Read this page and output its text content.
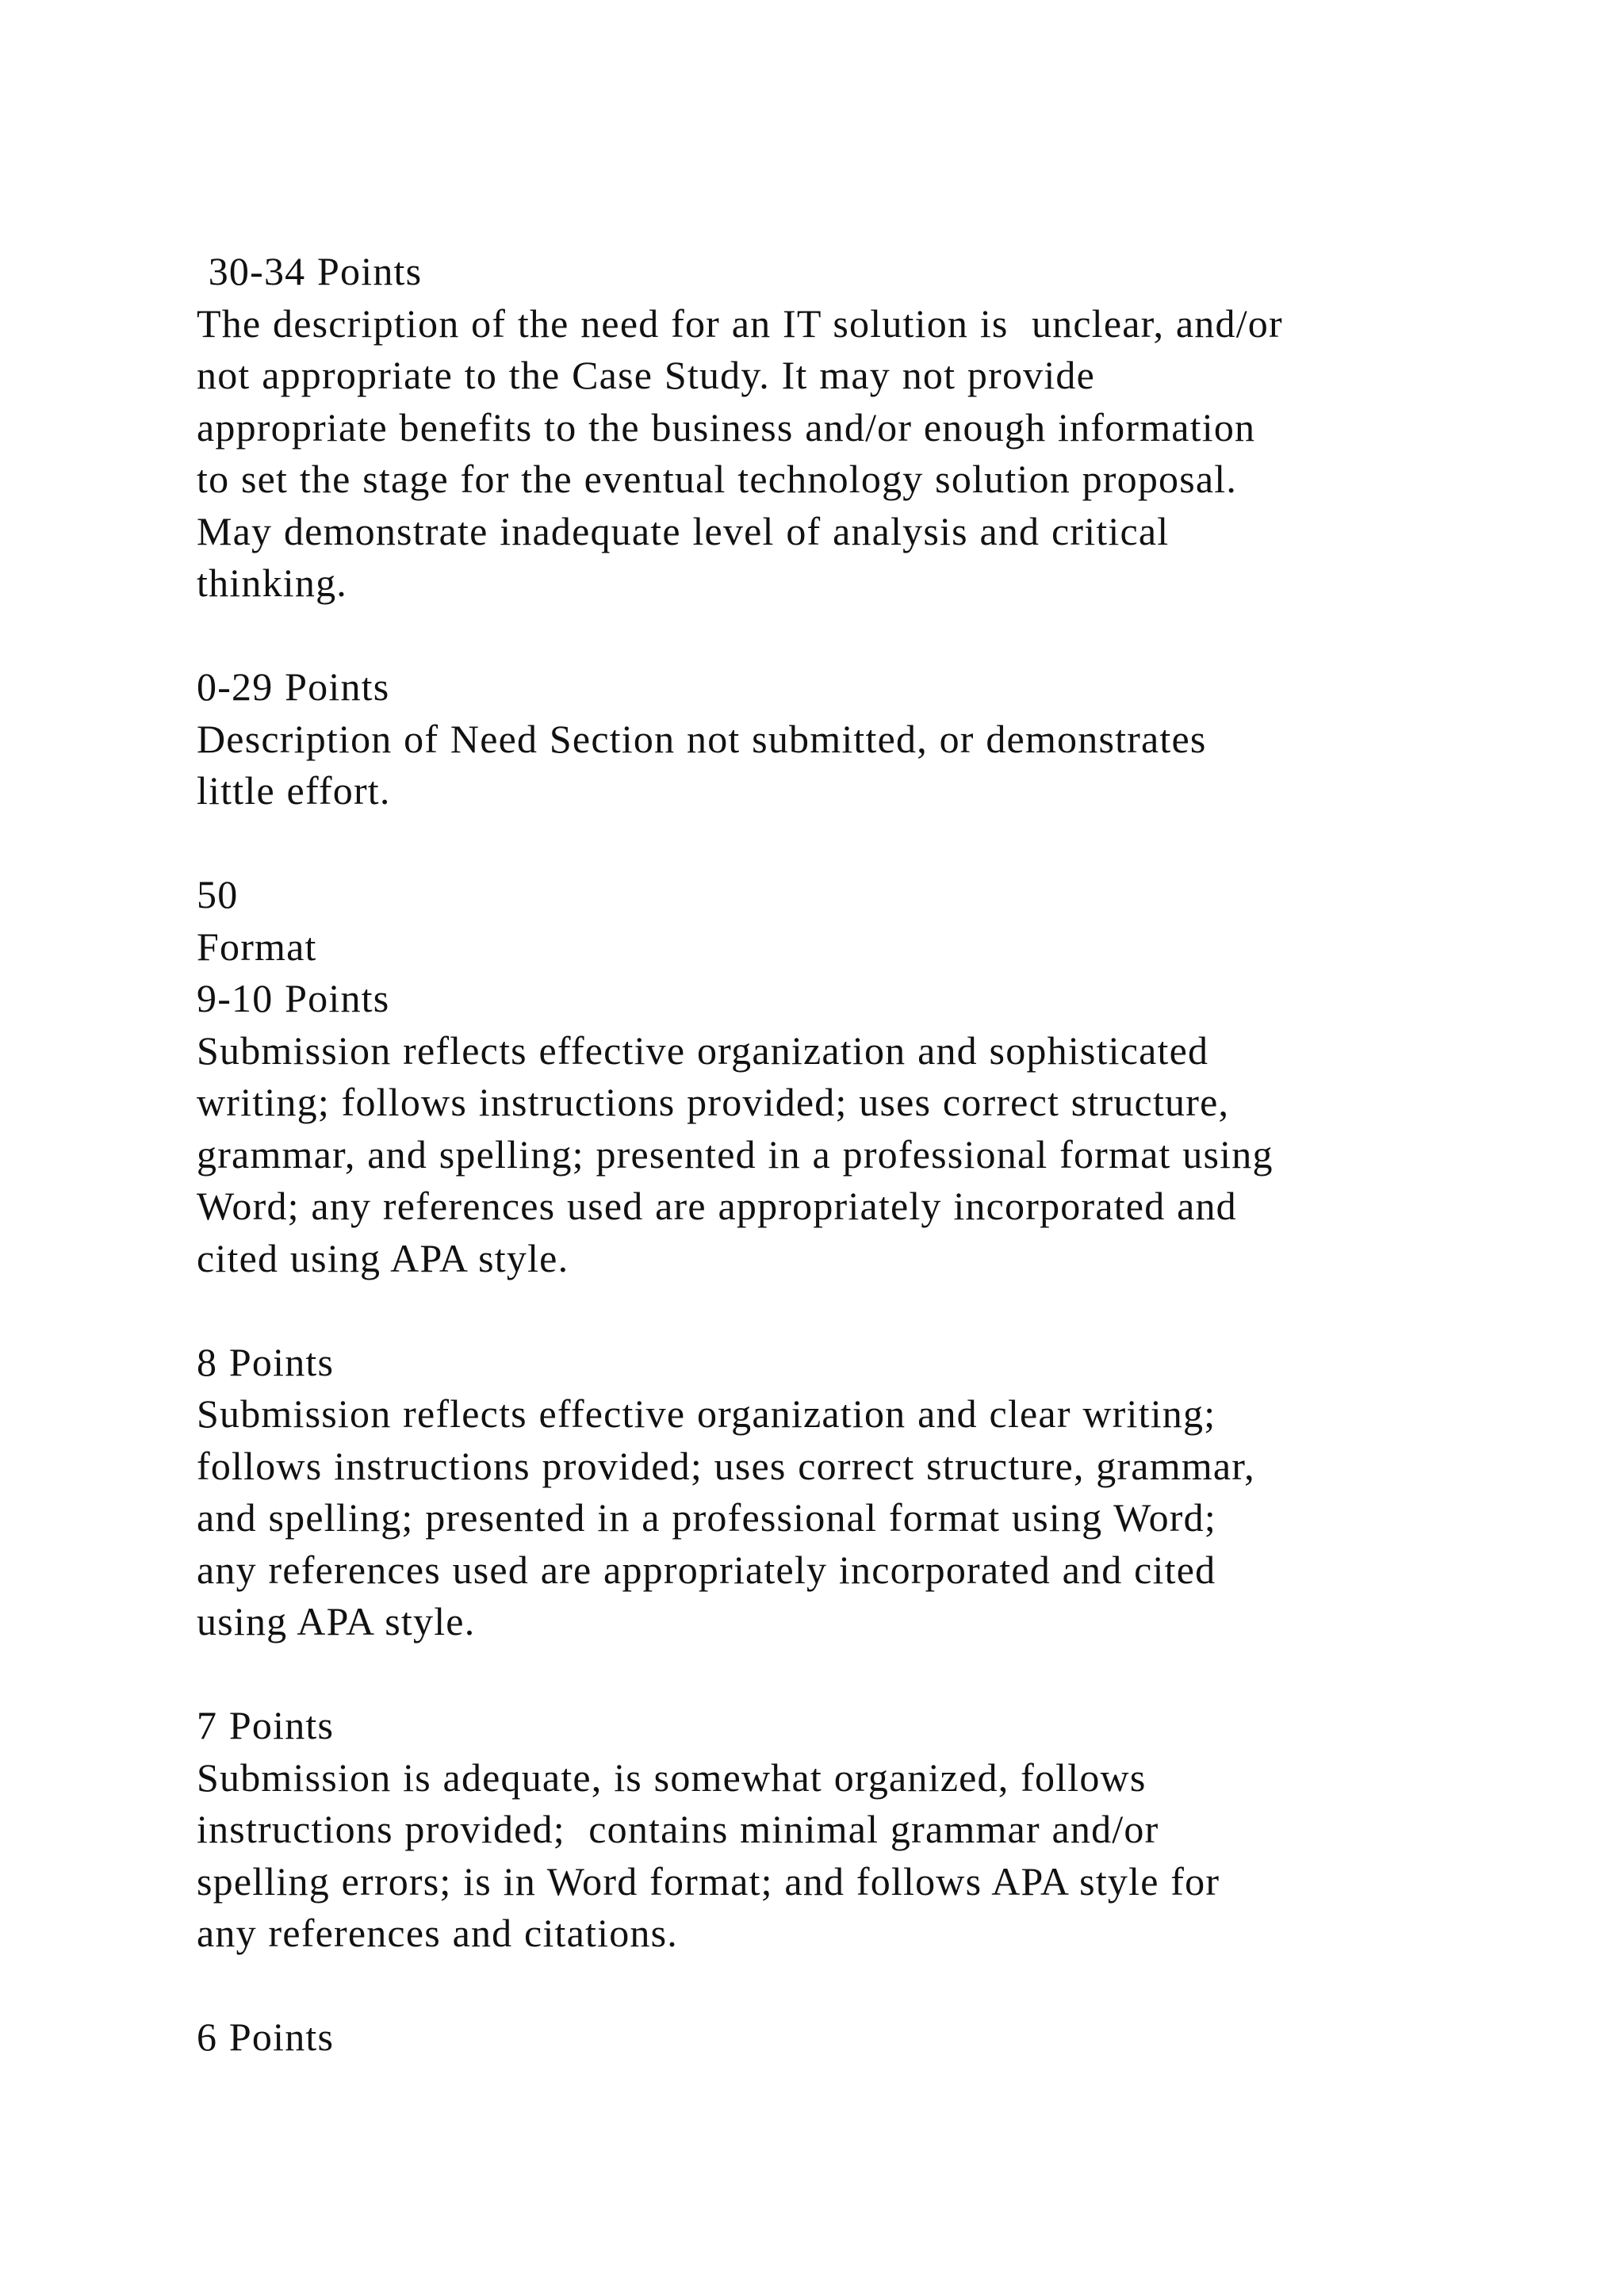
30-34 Points
The description of the need for an IT solution is  unclear, and/or
not appropriate to the Case Study. It may not provide
appropriate benefits to the business and/or enough information
to set the stage for the eventual technology solution proposal.
May demonstrate inadequate level of analysis and critical
thinking.
0-29 Points
Description of Need Section not submitted, or demonstrates
little effort.
50
Format
9-10 Points
Submission reflects effective organization and sophisticated
writing; follows instructions provided; uses correct structure,
grammar, and spelling; presented in a professional format using
Word; any references used are appropriately incorporated and
cited using APA style.
8 Points
Submission reflects effective organization and clear writing;
follows instructions provided; uses correct structure, grammar,
and spelling; presented in a professional format using Word;
any references used are appropriately incorporated and cited
using APA style.
7 Points
Submission is adequate, is somewhat organized, follows
instructions provided;  contains minimal grammar and/or
spelling errors; is in Word format; and follows APA style for
any references and citations.
6 Points
